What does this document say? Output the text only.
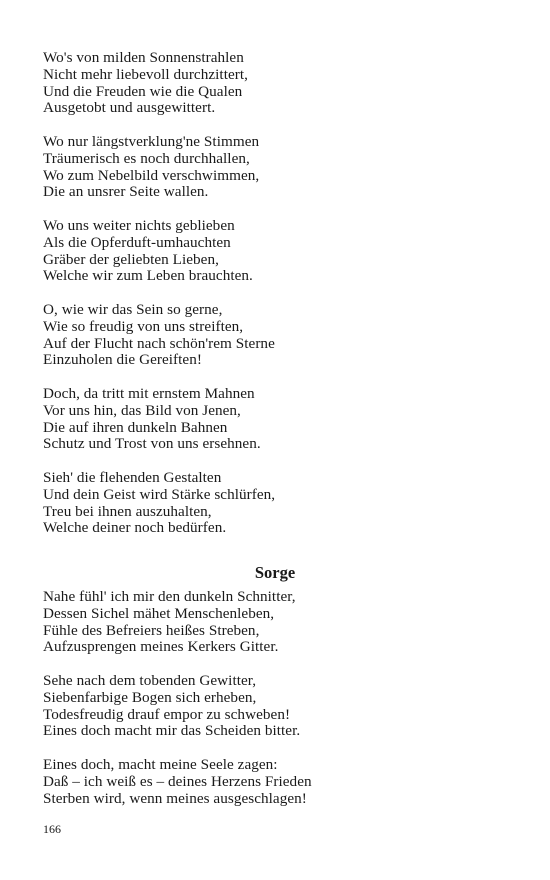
Wo's von milden Sonnenstrahlen
Nicht mehr liebevoll durchzittert,
Und die Freuden wie die Qualen
Ausgetobt und ausgewittert.
Wo nur längstverklung'ne Stimmen
Träumerisch es noch durchhallen,
Wo zum Nebelbild verschwimmen,
Die an unsrer Seite wallen.
Wo uns weiter nichts geblieben
Als die Opferduft-umhauchten
Gräber der geliebten Lieben,
Welche wir zum Leben brauchten.
O, wie wir das Sein so gerne,
Wie so freudig von uns streiften,
Auf der Flucht nach schön'rem Sterne
Einzuholen die Gereiften!
Doch, da tritt mit ernstem Mahnen
Vor uns hin, das Bild von Jenen,
Die auf ihren dunkeln Bahnen
Schutz und Trost von uns ersehnen.
Sieh' die flehenden Gestalten
Und dein Geist wird Stärke schlürfen,
Treu bei ihnen auszuhalten,
Welche deiner noch bedürfen.
Sorge
Nahe fühl' ich mir den dunkeln Schnitter,
Dessen Sichel mähet Menschenleben,
Fühle des Befreiers heißes Streben,
Aufzusprengen meines Kerkers Gitter.
Sehe nach dem tobenden Gewitter,
Siebenfarbige Bogen sich erheben,
Todesfreudig drauf empor zu schweben!
Eines doch macht mir das Scheiden bitter.
Eines doch, macht meine Seele zagen:
Daß – ich weiß es – deines Herzens Frieden
Sterben wird, wenn meines ausgeschlagen!
166
